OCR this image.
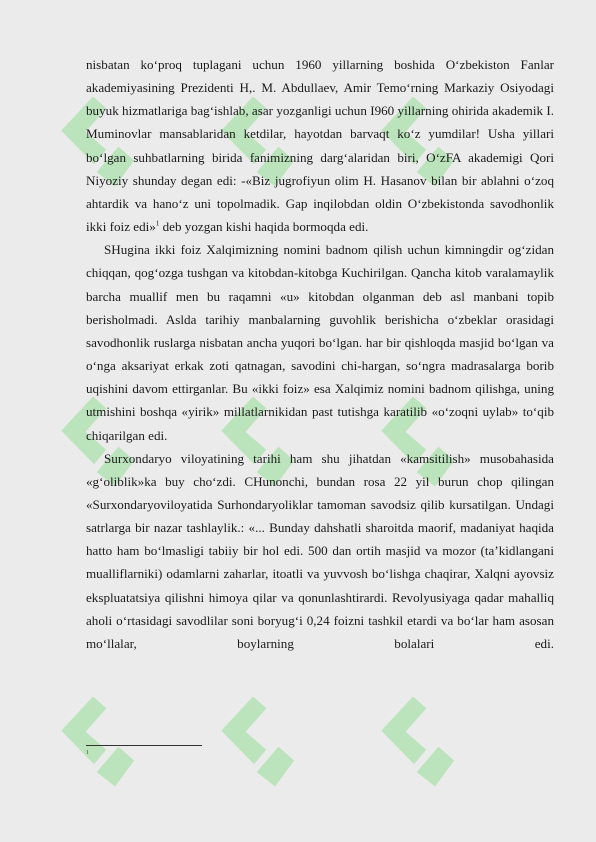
nisbatan ko‘proq tuplagani uchun 1960 yillarning boshida O‘zbekiston Fanlar akademiyasining Prezidenti H,. M. Abdullaev, Amir Temo‘rning Markaziy Osiyodagi buyuk hizmatlariga bag‘ishlab, asar yozganligi uchun I960 yillarning ohirida akademik I. Muminovlar mansablaridan ketdilar, hayotdan barvaqt ko‘z yumdilar! Usha yillari bo‘lgan suhbatlarning birida fanimizning darg‘alaridan biri, O‘zFA akademigi Qori Niyoziy shunday degan edi: -«Biz jugrofiyun olim H. Hasanov bilan bir ablahni o‘zoq ahtardik va hano‘z uni topolmadik. Gap inqilobdan oldin O‘zbekistonda savodhonlik ikki foiz edi»$^1$ deb yozgan kishi haqida bormoqda edi.

SHugina ikki foiz Xalqimizning nomini badnom qilish uchun kimningdir og‘zidan chiqqan, qog‘ozga tushgan va kitobdan-kitobga Kuchirilgan. Qancha kitob varalamaylik barcha muallif men bu raqamni «u» kitobdan olganman deb asl manbani topib berisholmadi. Aslda tarihiy manbalarning guvohlik berishicha o‘zbeklar orasidagi savodhonlik ruslarga nisbatan ancha yuqori bo‘lgan. har bir qishloqda masjid bo‘lgan va o‘nga aksariyat erkak zoti qatnagan, savodini chi-hargan, so‘ngra madrasalarga borib uqishini davom ettirganlar. Bu «ikki foiz» esa Xalqimiz nomini badnom qilishga, uning utmishini boshqa «yirik» millatlarnikidan past tutishga karatilib «o‘zoqni uylab» to‘qib chiqarilgan edi.

Surxondaryo viloyatining tarihi ham shu jihatdan «kamsitilish» musobahasida «g‘oliblik»ka buy cho‘zdi. CHunonchi, bundan rosa 22 yil burun chop qilingan «Surxondaryoviloyatida Surhondaryoliklar tamoman savodsiz qilib kursatilgan. Undagi satrlarga bir nazar tashlaylik.: «... Bunday dahshatli sharoitda maorif, madaniyat haqida hatto ham bo‘lmasligi tabiiy bir hol edi. 500 dan ortih masjid va mozor (ta’kidlangani mualliflarniki) odamlarni zaharlar, itoatli va yuvvosh bo‘lishga chaqirar, Xalqni ayovsiz ekspluatatsiya qilishni himoya qilar va qonunlashtirardi. Revolyusiyaga qadar mahalliq aholi o‘rtasidagi savodlilar soni boryug‘i 0,24 foizni tashkil etardi va bo‘lar ham asosan mo‘llalar, boylarning bolalari edi.

1
